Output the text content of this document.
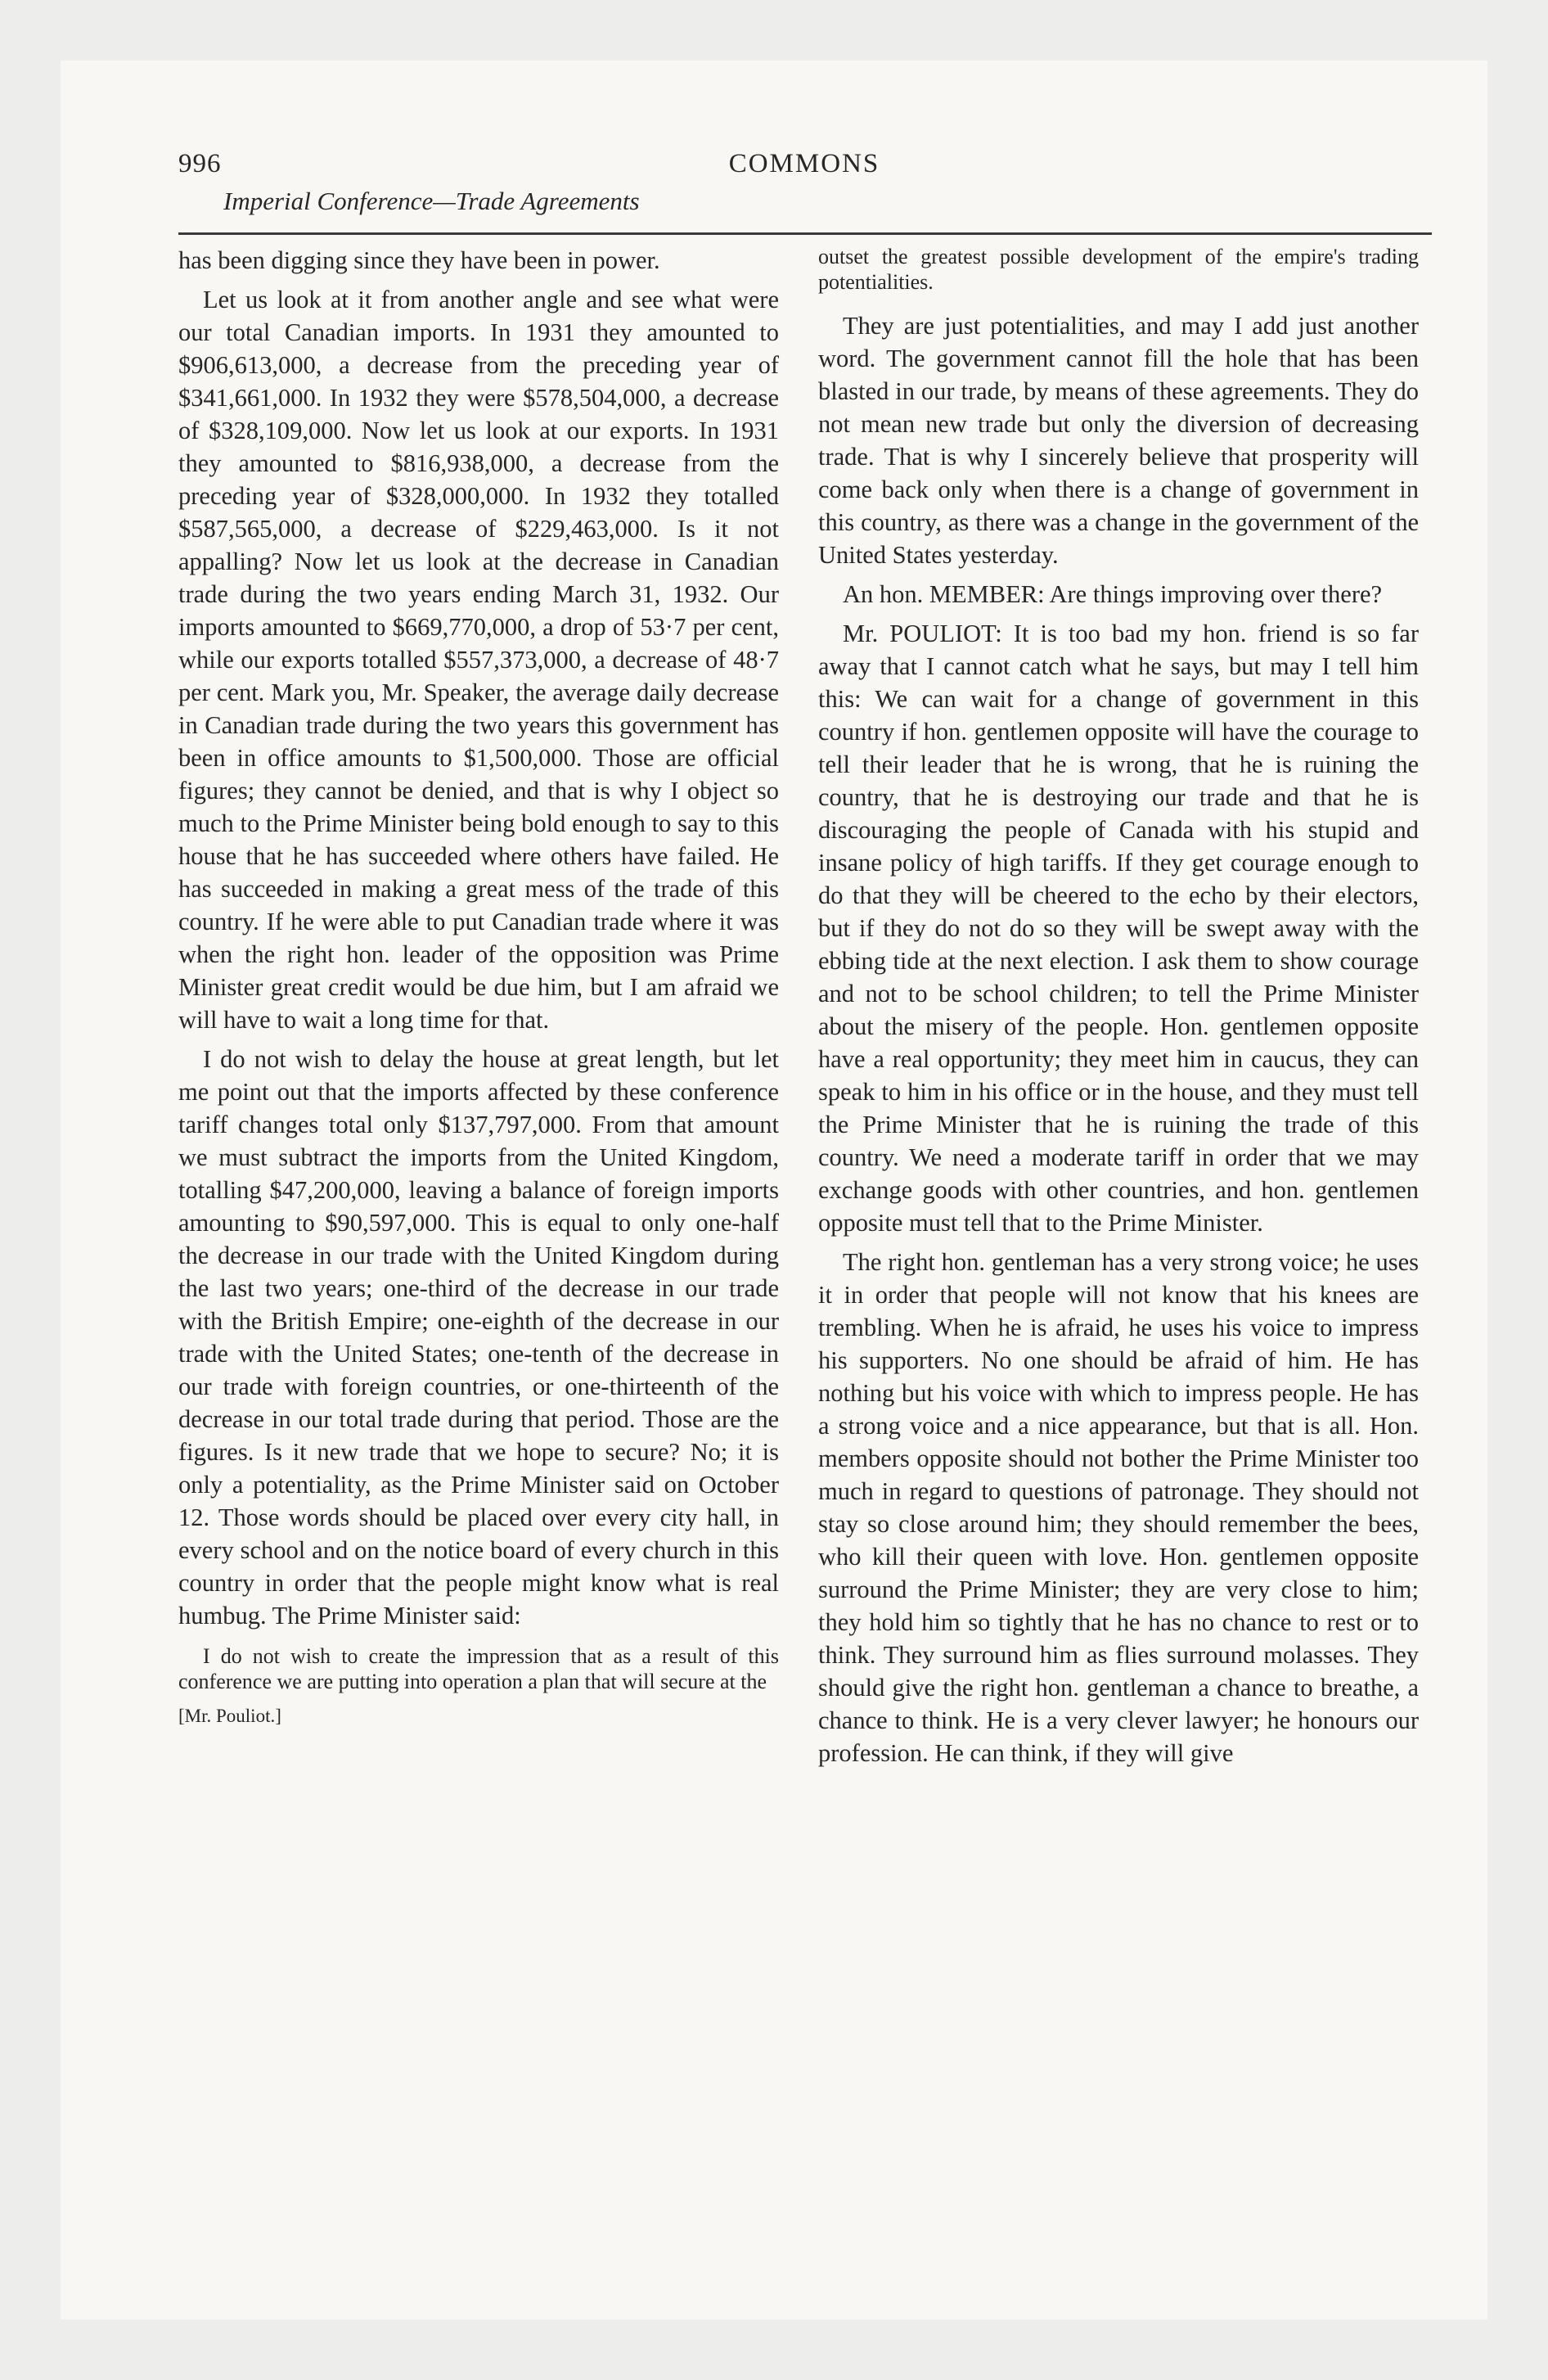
996	COMMONS
Imperial Conference—Trade Agreements

has been digging since they have been in power.

Let us look at it from another angle and see what were our total Canadian imports. In 1931 they amounted to $906,613,000, a decrease from the preceding year of $341,661,000. In 1932 they were $578,504,000, a decrease of $328,109,000. Now let us look at our exports. In 1931 they amounted to $816,938,000, a decrease from the preceding year of $328,000,000. In 1932 they totalled $587,565,000, a decrease of $229,463,000. Is it not appalling? Now let us look at the decrease in Canadian trade during the two years ending March 31, 1932. Our imports amounted to $669,770,000, a drop of 53·7 per cent, while our exports totalled $557,373,000, a decrease of 48·7 per cent. Mark you, Mr. Speaker, the average daily decrease in Canadian trade during the two years this government has been in office amounts to $1,500,000. Those are official figures; they cannot be denied, and that is why I object so much to the Prime Minister being bold enough to say to this house that he has succeeded where others have failed. He has succeeded in making a great mess of the trade of this country. If he were able to put Canadian trade where it was when the right hon. leader of the opposition was Prime Minister great credit would be due him, but I am afraid we will have to wait a long time for that.

I do not wish to delay the house at great length, but let me point out that the imports affected by these conference tariff changes total only $137,797,000. From that amount we must subtract the imports from the United Kingdom, totalling $47,200,000, leaving a balance of foreign imports amounting to $90,597,000. This is equal to only one-half the decrease in our trade with the United Kingdom during the last two years; one-third of the decrease in our trade with the British Empire; one-eighth of the decrease in our trade with the United States; one-tenth of the decrease in our trade with foreign countries, or one-thirteenth of the decrease in our total trade during that period. Those are the figures. Is it new trade that we hope to secure? No; it is only a potentiality, as the Prime Minister said on October 12. Those words should be placed over every city hall, in every school and on the notice board of every church in this country in order that the people might know what is real humbug. The Prime Minister said:

I do not wish to create the impression that as a result of this conference we are putting into operation a plan that will secure at the
[Mr. Pouliot.]

outset the greatest possible development of the empire's trading potentialities.

They are just potentialities, and may I add just another word. The government cannot fill the hole that has been blasted in our trade, by means of these agreements. They do not mean new trade but only the diversion of decreasing trade. That is why I sincerely believe that prosperity will come back only when there is a change of government in this country, as there was a change in the government of the United States yesterday.

An hon. MEMBER: Are things improving over there?

Mr. POULIOT: It is too bad my hon. friend is so far away that I cannot catch what he says, but may I tell him this: We can wait for a change of government in this country if hon. gentlemen opposite will have the courage to tell their leader that he is wrong, that he is ruining the country, that he is destroying our trade and that he is discouraging the people of Canada with his stupid and insane policy of high tariffs. If they get courage enough to do that they will be cheered to the echo by their electors, but if they do not do so they will be swept away with the ebbing tide at the next election. I ask them to show courage and not to be school children; to tell the Prime Minister about the misery of the people. Hon. gentlemen opposite have a real opportunity; they meet him in caucus, they can speak to him in his office or in the house, and they must tell the Prime Minister that he is ruining the trade of this country. We need a moderate tariff in order that we may exchange goods with other countries, and hon. gentlemen opposite must tell that to the Prime Minister.

The right hon. gentleman has a very strong voice; he uses it in order that people will not know that his knees are trembling. When he is afraid, he uses his voice to impress his supporters. No one should be afraid of him. He has nothing but his voice with which to impress people. He has a strong voice and a nice appearance, but that is all. Hon. members opposite should not bother the Prime Minister too much in regard to questions of patronage. They should not stay so close around him; they should remember the bees, who kill their queen with love. Hon. gentlemen opposite surround the Prime Minister; they are very close to him; they hold him so tightly that he has no chance to rest or to think. They surround him as flies surround molasses. They should give the right hon. gentleman a chance to breathe, a chance to think. He is a very clever lawyer; he honours our profession. He can think, if they will give
